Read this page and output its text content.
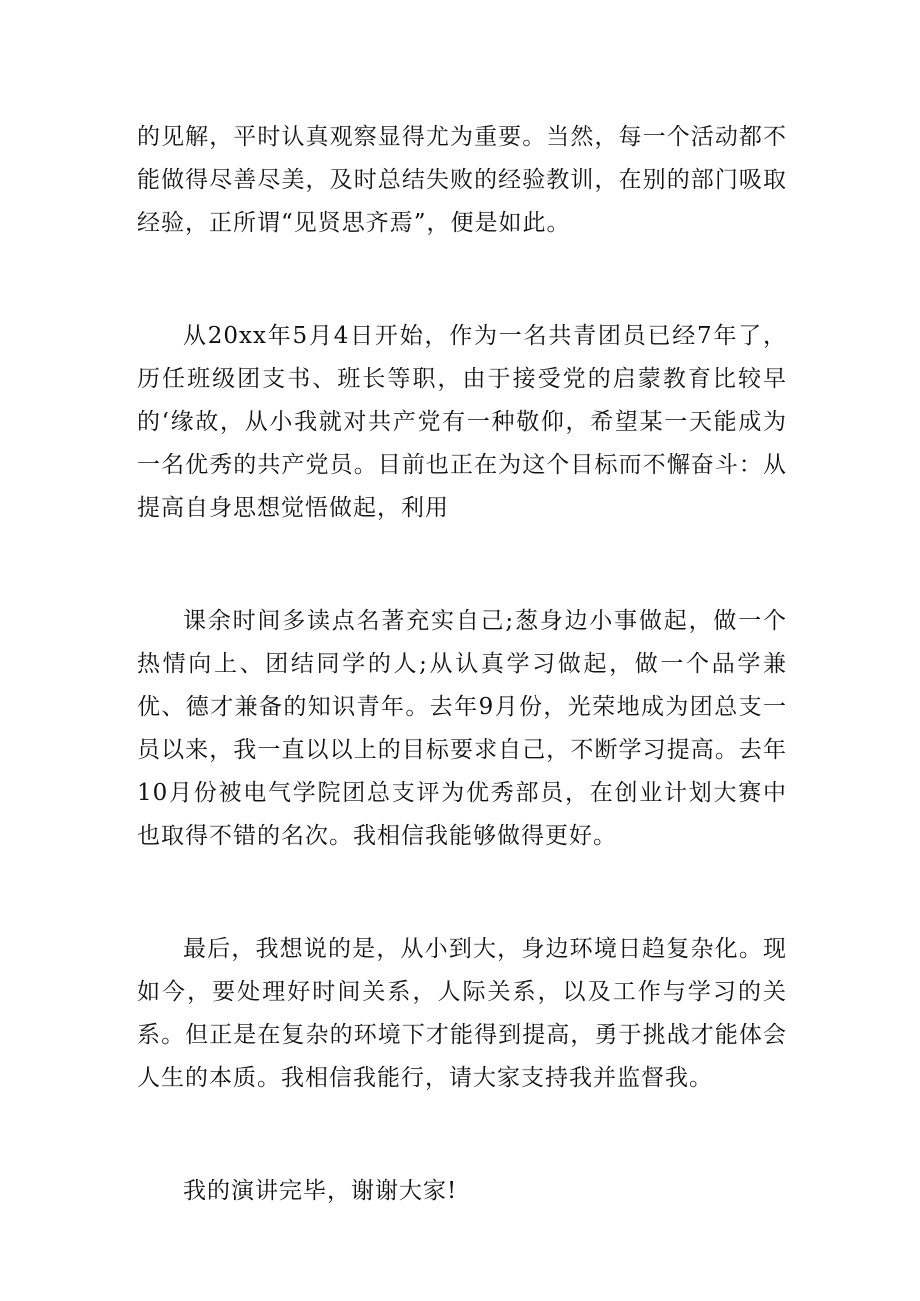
的见解，平时认真观察显得尤为重要。当然，每一个活动都不能做得尽善尽美，及时总结失败的经验教训，在别的部门吸取经验，正所谓“见贤思齐焉”，便是如此。

从20xx年5月4日开始，作为一名共青团员已经7年了，历任班级团支书、班长等职，由于接受党的启蒙教育比较早的‘缘故，从小我就对共产党有一种敬仰，希望某一天能成为一名优秀的共产党员。目前也正在为这个目标而不懈奋斗：从提高自身思想觉悟做起，利用

课余时间多读点名著充实自己;葱身边小事做起，做一个热情向上、团结同学的人;从认真学习做起，做一个品学兼优、德才兼备的知识青年。去年9月份，光荣地成为团总支一员以来，我一直以以上的目标要求自己，不断学习提高。去年10月份被电气学院团总支评为优秀部员，在创业计划大赛中也取得不错的名次。我相信我能够做得更好。

最后，我想说的是，从小到大，身边环境日趋复杂化。现如今，要处理好时间关系，人际关系，以及工作与学习的关系。但正是在复杂的环境下才能得到提高，勇于挑战才能体会人生的本质。我相信我能行，请大家支持我并监督我。

我的演讲完毕，谢谢大家!
